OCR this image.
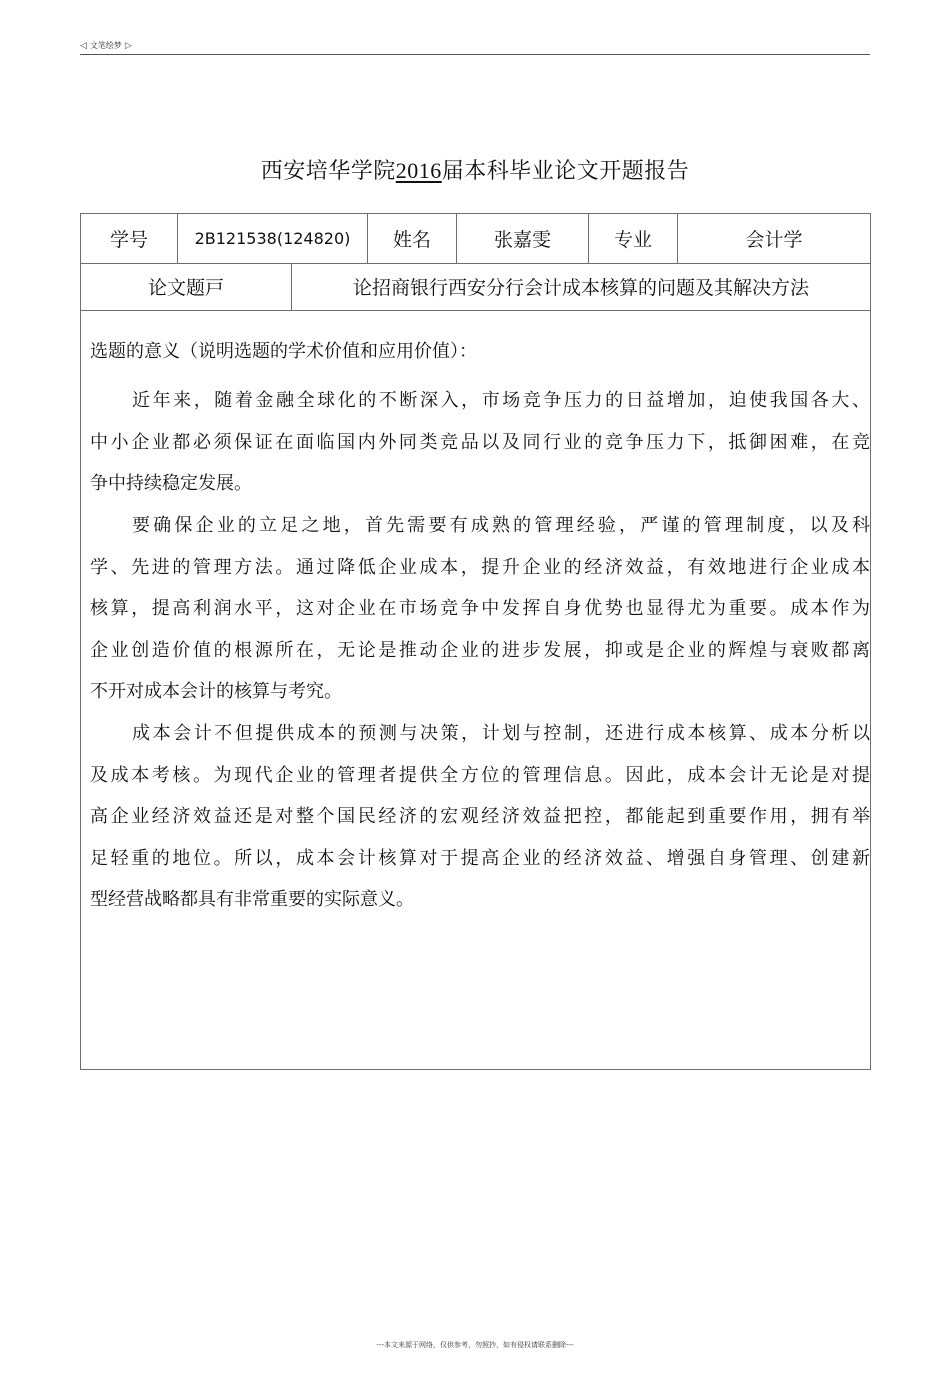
◁ 文笔绘梦 ▷
西安培华学院2016届本科毕业论文开题报告
学号	2B121538(124820)	姓名	张嘉雯	专业	会计学
论文题戸	论招商银行西安分行会计成本核算的问题及其解决方法
选题的意义（说明选题的学术价值和应用价值）：
近年来，随着金融全球化的不断深入，市场竞争压力的日益增加，迫使我国各大、
中小企业都必须保证在面临国内外同类竞品以及同行业的竞争压力下，抵御困难，在竞
争中持续稳定发展。
要确保企业的立足之地，首先需要有成熟的管理经验，严谨的管理制度，以及科
学、先进的管理方法。通过降低企业成本，提升企业的经济效益，有效地进行企业成本
核算，提高利润水平，这对企业在市场竞争中发挥自身优势也显得尤为重要。成本作为
企业创造价值的根源所在，无论是推动企业的进步发展，抑或是企业的辉煌与衰败都离
不开对成本会计的核算与考究。
成本会计不但提供成本的预测与决策，计划与控制，还进行成本核算、成本分析以
及成本考核。为现代企业的管理者提供全方位的管理信息。因此，成本会计无论是对提
高企业经济效益还是对整个国民经济的宏观经济效益把控，都能起到重要作用，拥有举
足轻重的地位。所以，成本会计核算对于提高企业的经济效益、增强自身管理、创建新
型经营战略都具有非常重要的实际意义。
---本文来源于网络，仅供参考，勿照抄，如有侵权请联系删除---
